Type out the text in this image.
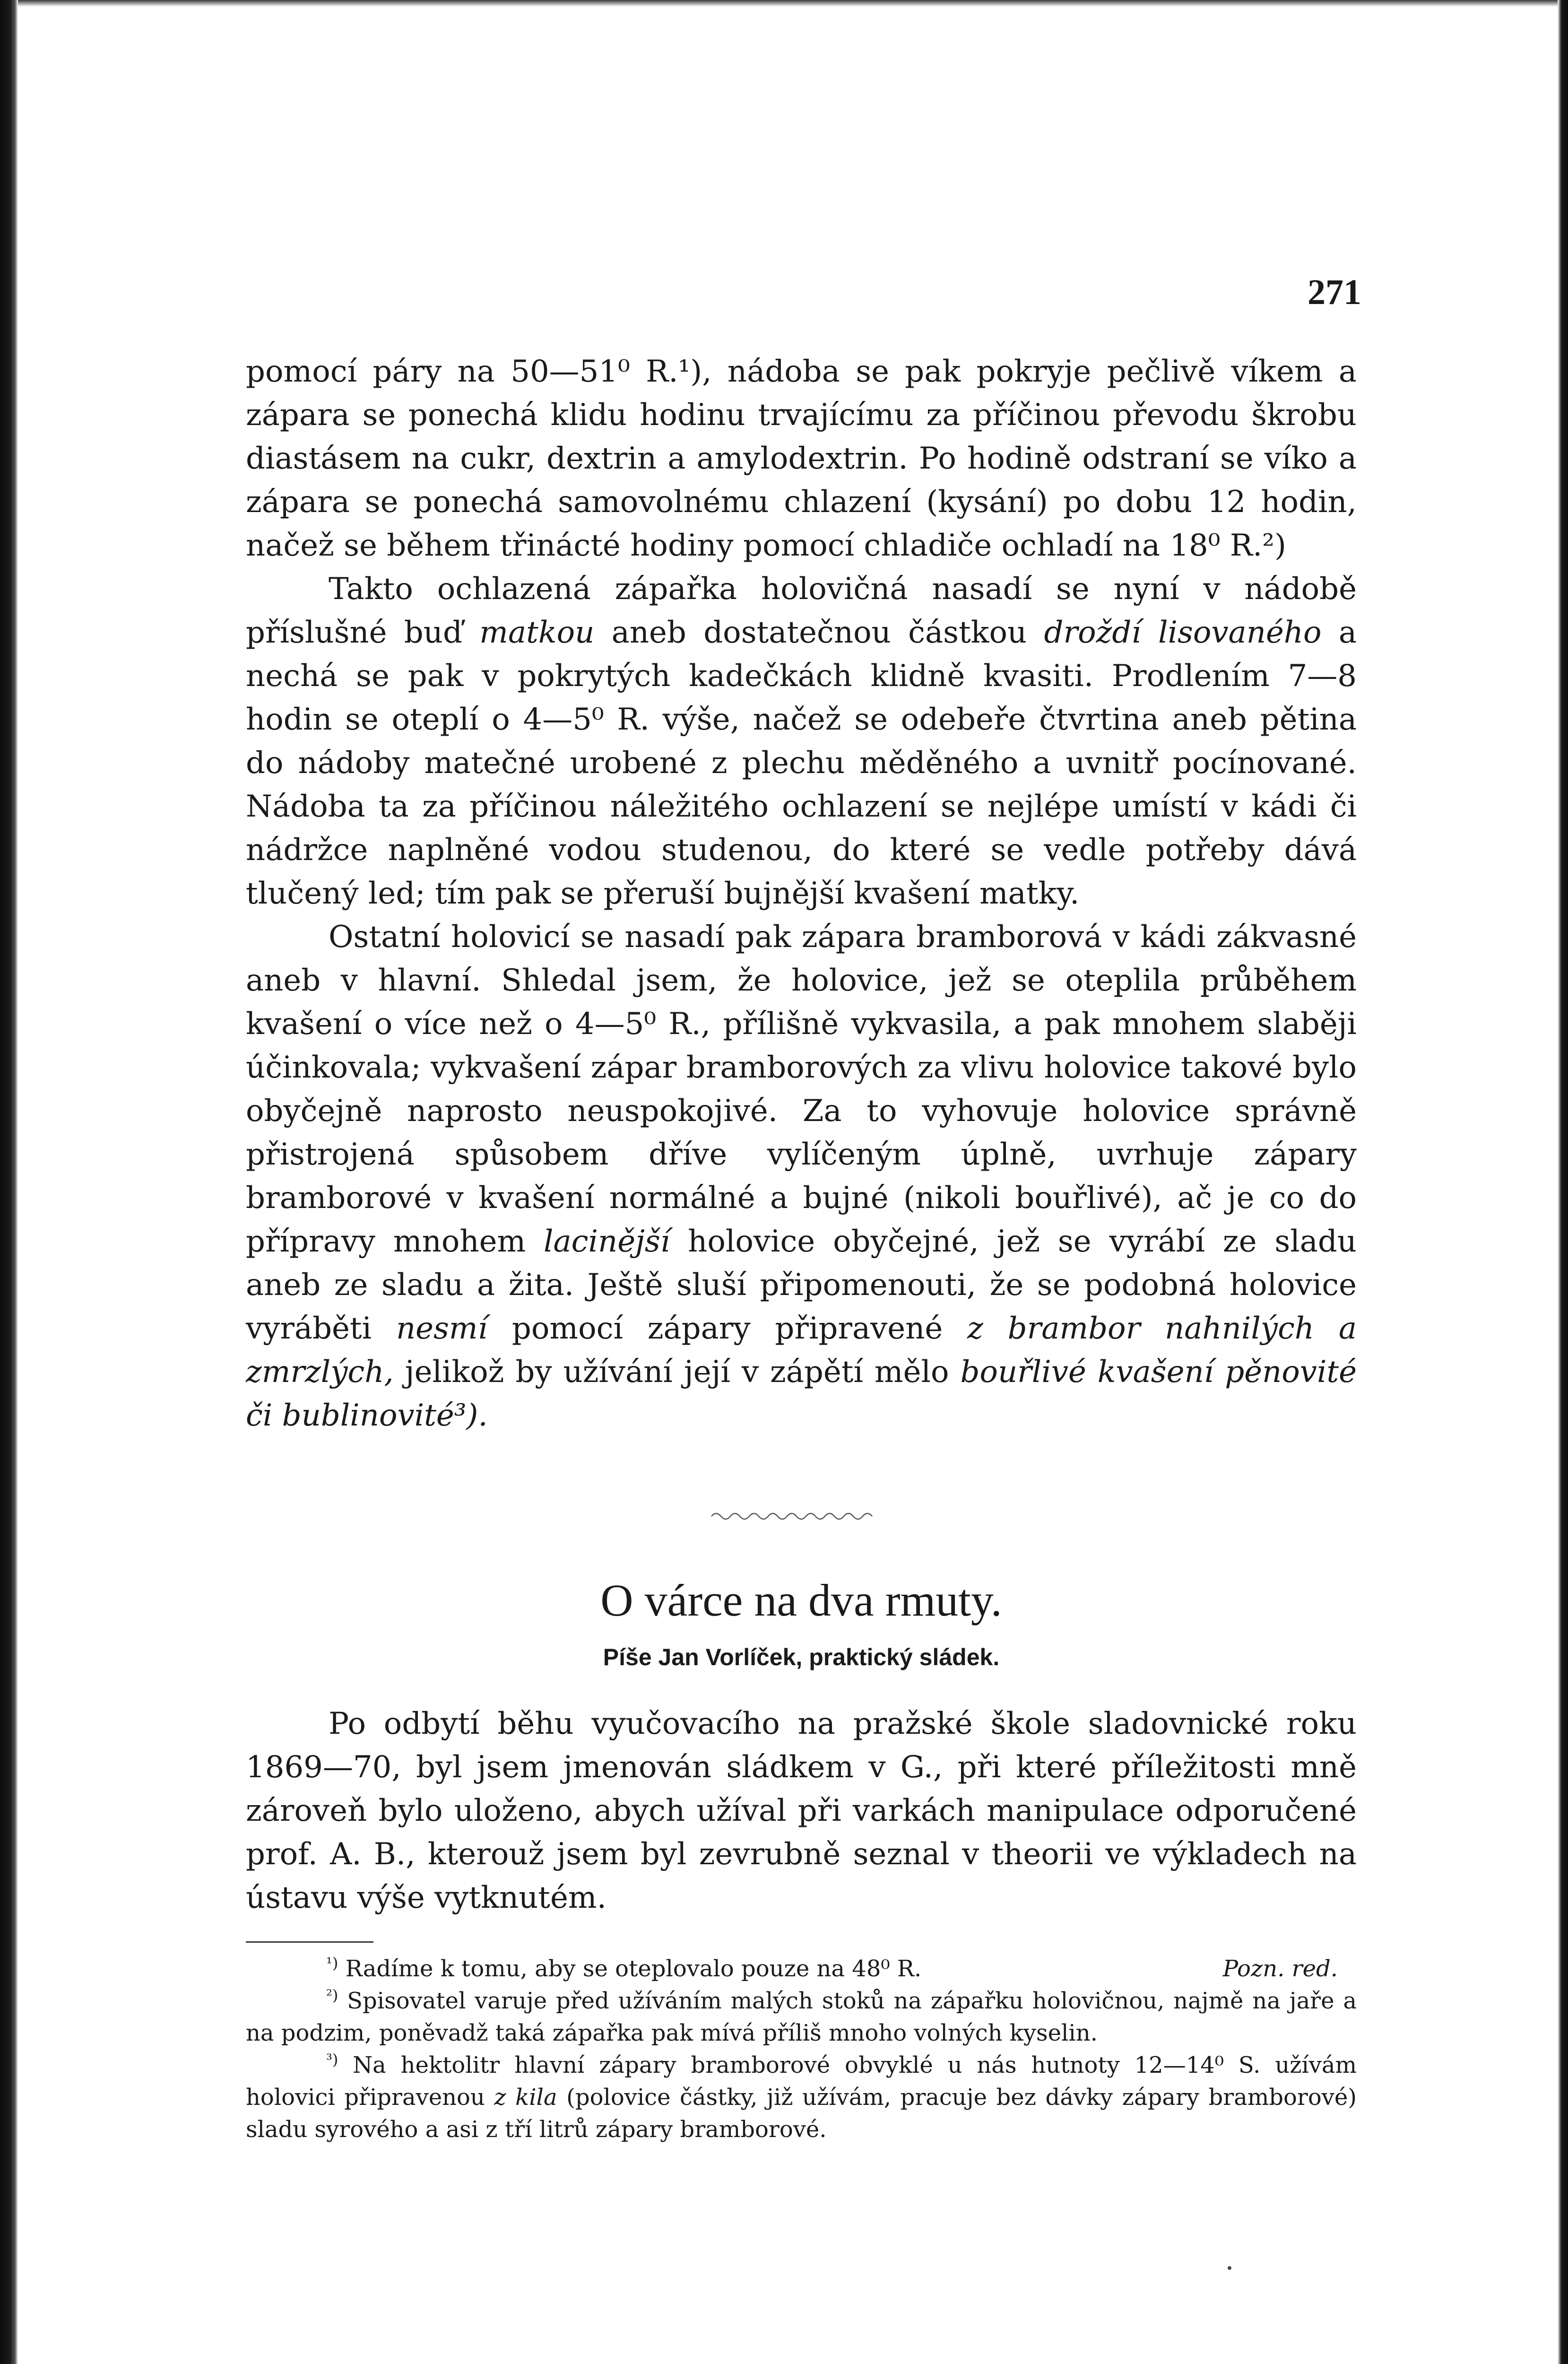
271

pomocí páry na 50—51⁰ R.¹), nádoba se pak pokryje pečlivě víkem a zápara se ponechá klidu hodinu trvajícímu za příčinou převodu škrobu diastásem na cukr, dextrin a amylodextrin. Po hodině odstraní se víko a zápara se ponechá samovolnému chlazení (kysání) po dobu 12 hodin, načež se během třinácté hodiny pomocí chladiče ochladí na 18⁰ R.²)

Takto ochlazená zápařka holovičná nasadí se nyní v nádobě příslušné buď matkou aneb dostatečnou částkou droždí lisovaného a nechá se pak v pokrytých kadečkách klidně kvasiti. Prodlením 7—8 hodin se oteplí o 4—5⁰ R. výše, načež se odebeře čtvrtina aneb pětina do nádoby matečné urobené z plechu měděného a uvnitř pocínované. Nádoba ta za příčinou náležitého ochlazení se nejlépe umístí v kádi či nádržce naplněné vodou studenou, do které se vedle potřeby dává tlučený led; tím pak se přeruší bujnější kvašení matky.

Ostatní holovicí se nasadí pak zápara bramborová v kádi zákvasné aneb v hlavní. Shledal jsem, že holovice, jež se oteplila průběhem kvašení o více než o 4—5⁰ R., přílišně vykvasila, a pak mnohem slaběji účinkovala; vykvašení zápar bramborových za vlivu holovice takové bylo obyčejně naprosto neuspokojivé. Za to vyhovuje holovice správně přistrojená spůsobem dříve vylíčeným úplně, uvrhuje zápary bramborové v kvašení normálné a bujné (nikoli bouřlivé), ač je co do přípravy mnohem lacinější holovice obyčejné, jež se vyrábí ze sladu aneb ze sladu a žita. Ještě sluší připomenouti, že se podobná holovice vyráběti nesmí pomocí zápary připravené z brambor nahnilých a zmrzlých, jelikož by užívání její v zápětí mělo bouřlivé kvašení pěnovité či bublinovité³).

O várce na dva rmuty.
Píše Jan Vorlíček, praktický sládek.

Po odbytí běhu vyučovacího na pražské škole sladovnické roku 1869—70, byl jsem jmenován sládkem v G., při které příležitosti mně zároveň bylo uloženo, abych užíval při varkách manipulace odporučené prof. A. B., kterouž jsem byl zevrubně seznal v theorii ve výkladech na ústavu výše vytknutém.

$^{^1)}$ Radíme k tomu, aby se oteplovalo pouze na 48⁰ R.	Pozn. red.

$^{^2)}$ Spisovatel varuje před užíváním malých stoků na zápařku holovičnou, najmě na jaře a na podzim, poněvadž taká zápařka pak mívá příliš mnoho volných kyselin.

$^{^3)}$ Na hektolitr hlavní zápary bramborové obvyklé u nás hutnoty 12—14⁰ S. užívám holovici připravenou z kila (polovice částky, již užívám, pracuje bez dávky zápary bramborové) sladu syrového a asi z tří litrů zápary bramborové.
